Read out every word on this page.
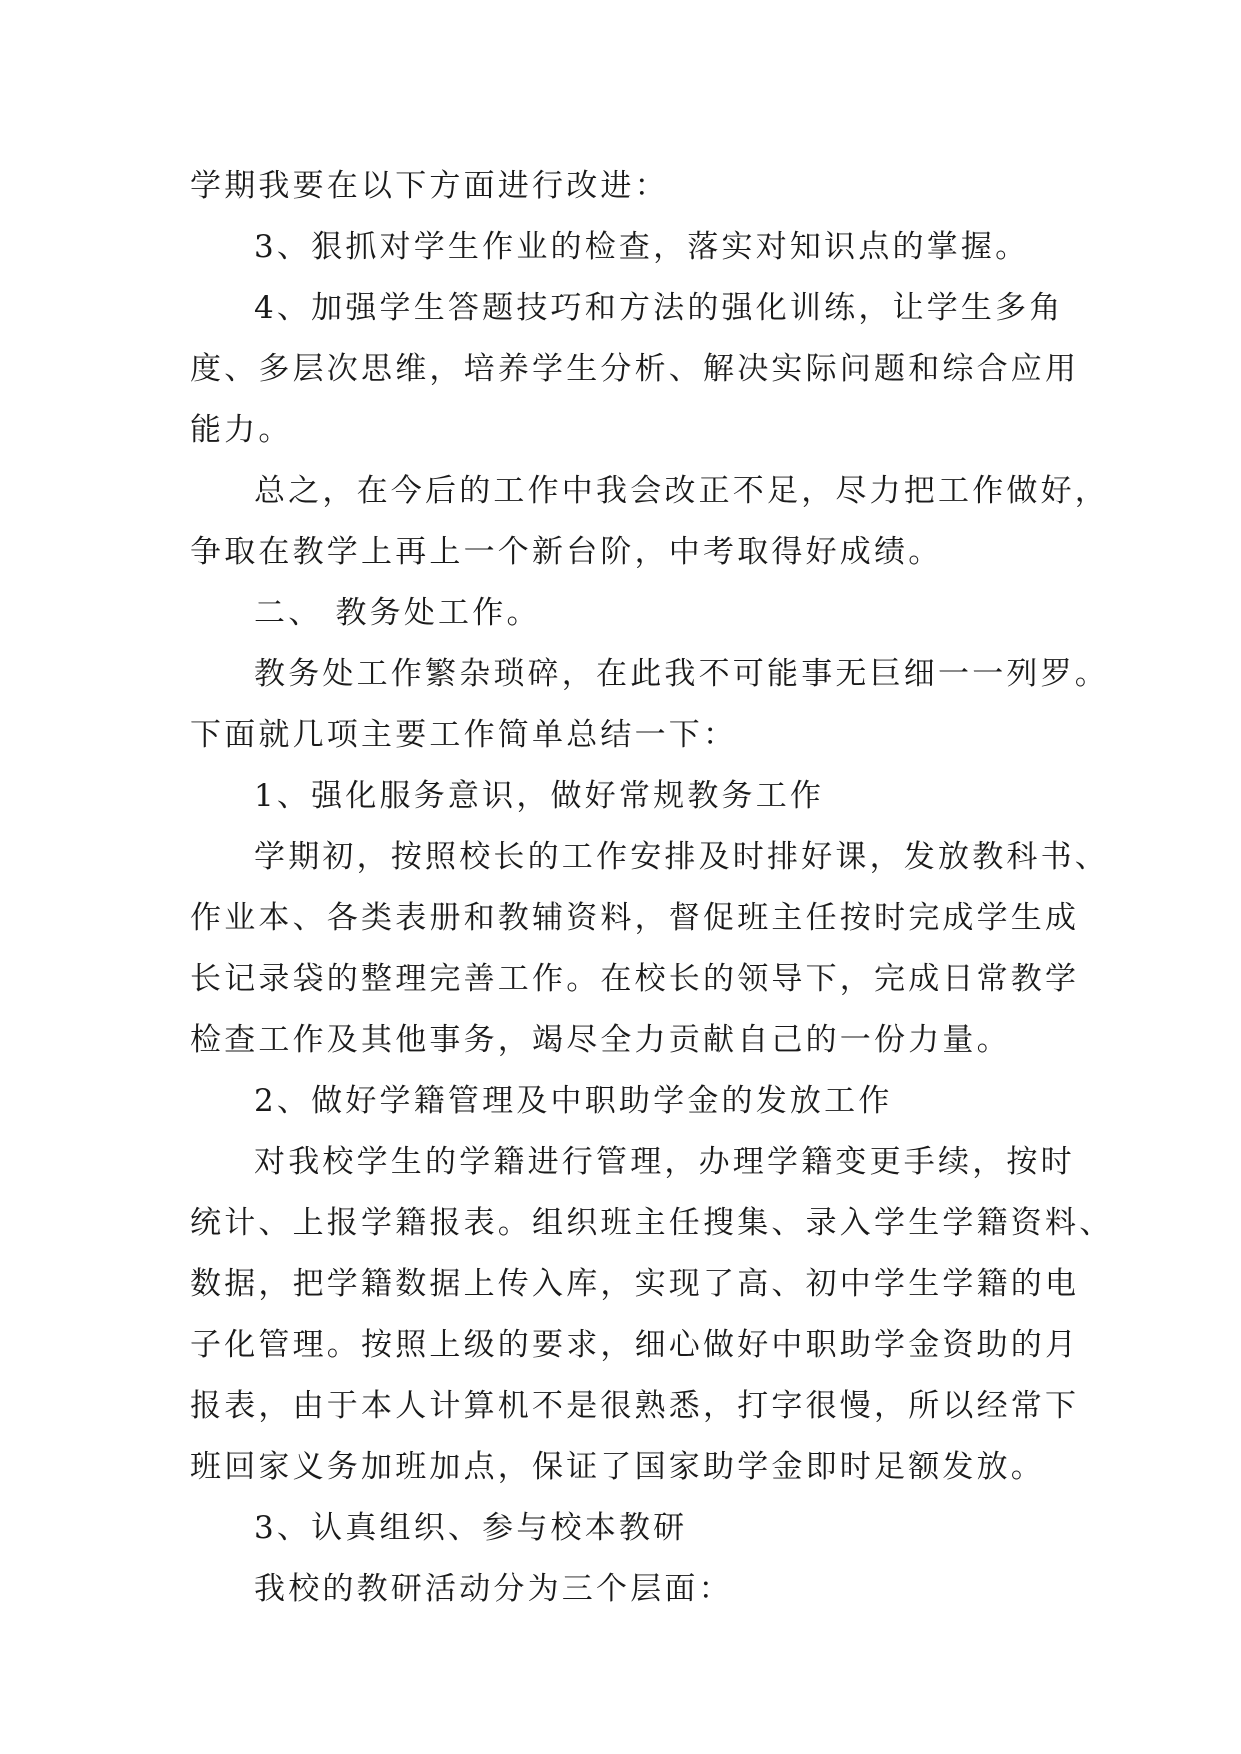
学期我要在以下方面进行改进：
3、狠抓对学生作业的检查，落实对知识点的掌握。
4、加强学生答题技巧和方法的强化训练，让学生多角
度、多层次思维，培养学生分析、解决实际问题和综合应用
能力。
总之，在今后的工作中我会改正不足，尽力把工作做好，
争取在教学上再上一个新台阶，中考取得好成绩。
二、 教务处工作。
教务处工作繁杂琐碎，在此我不可能事无巨细一一列罗。
下面就几项主要工作简单总结一下：
1、强化服务意识，做好常规教务工作
学期初，按照校长的工作安排及时排好课，发放教科书、
作业本、各类表册和教辅资料，督促班主任按时完成学生成
长记录袋的整理完善工作。在校长的领导下，完成日常教学
检查工作及其他事务，竭尽全力贡献自己的一份力量。
2、做好学籍管理及中职助学金的发放工作
对我校学生的学籍进行管理，办理学籍变更手续，按时
统计、上报学籍报表。组织班主任搜集、录入学生学籍资料、
数据，把学籍数据上传入库，实现了高、初中学生学籍的电
子化管理。按照上级的要求，细心做好中职助学金资助的月
报表，由于本人计算机不是很熟悉，打字很慢，所以经常下
班回家义务加班加点，保证了国家助学金即时足额发放。
3、认真组织、参与校本教研
我校的教研活动分为三个层面：
